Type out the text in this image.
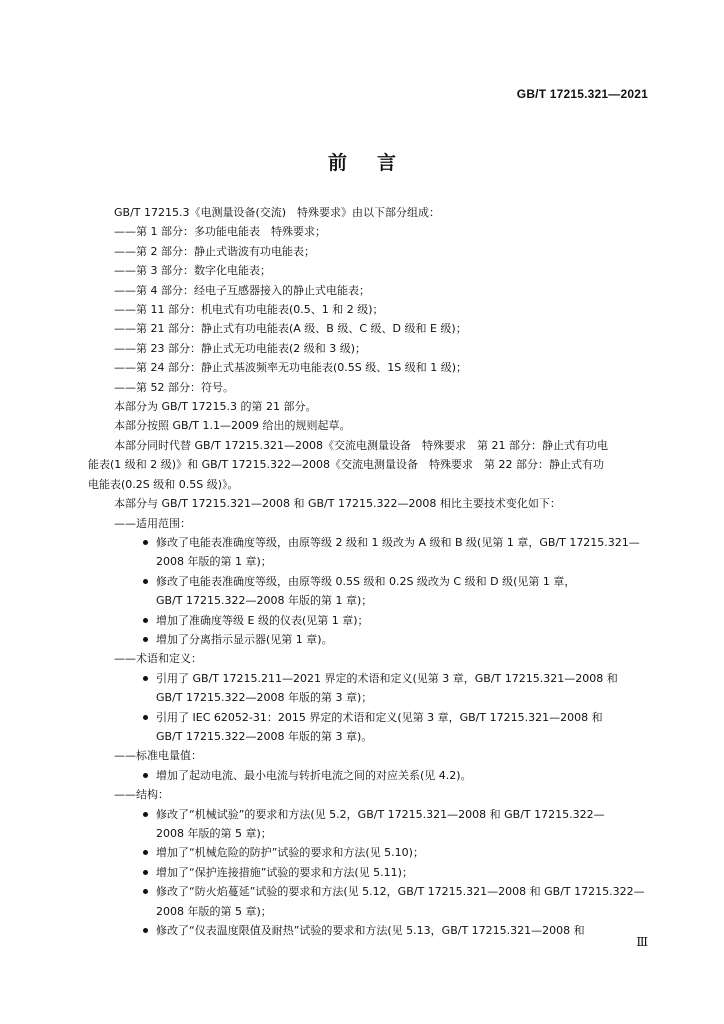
GB/T 17215.321—2021
前言
GB/T 17215.3《电测量设备(交流)　特殊要求》由以下部分组成：
——第 1 部分：多功能电能表　特殊要求；
——第 2 部分：静止式谐波有功电能表；
——第 3 部分：数字化电能表；
——第 4 部分：经电子互感器接入的静止式电能表；
——第 11 部分：机电式有功电能表(0.5、1 和 2 级)；
——第 21 部分：静止式有功电能表(A 级、B 级、C 级、D 级和 E 级)；
——第 23 部分：静止式无功电能表(2 级和 3 级)；
——第 24 部分：静止式基波频率无功电能表(0.5S 级、1S 级和 1 级)；
——第 52 部分：符号。
本部分为 GB/T 17215.3 的第 21 部分。
本部分按照 GB/T 1.1—2009 给出的规则起草。
本部分同时代替 GB/T 17215.321—2008《交流电测量设备　特殊要求　第 21 部分：静止式有功电
能表(1 级和 2 级)》和 GB/T 17215.322—2008《交流电测量设备　特殊要求　第 22 部分：静止式有功
电能表(0.2S 级和 0.5S 级)》。
本部分与 GB/T 17215.321—2008 和 GB/T 17215.322—2008 相比主要技术变化如下：
——适用范围：
修改了电能表准确度等级，由原等级 2 级和 1 级改为 A 级和 B 级(见第 1 章，GB/T 17215.321—
2008 年版的第 1 章)；
修改了电能表准确度等级，由原等级 0.5S 级和 0.2S 级改为 C 级和 D 级(见第 1 章，
GB/T 17215.322—2008 年版的第 1 章)；
增加了准确度等级 E 级的仪表(见第 1 章)；
增加了分离指示显示器(见第 1 章)。
——术语和定义：
引用了 GB/T 17215.211—2021 界定的术语和定义(见第 3 章，GB/T 17215.321—2008 和
GB/T 17215.322—2008 年版的第 3 章)；
引用了 IEC 62052-31：2015 界定的术语和定义(见第 3 章，GB/T 17215.321—2008 和
GB/T 17215.322—2008 年版的第 3 章)。
——标准电量值：
增加了起动电流、最小电流与转折电流之间的对应关系(见 4.2)。
——结构：
修改了“机械试验”的要求和方法(见 5.2，GB/T 17215.321—2008 和 GB/T 17215.322—
2008 年版的第 5 章)；
增加了“机械危险的防护”试验的要求和方法(见 5.10)；
增加了“保护连接措施”试验的要求和方法(见 5.11)；
修改了“防火焰蔓延”试验的要求和方法(见 5.12，GB/T 17215.321—2008 和 GB/T 17215.322—
2008 年版的第 5 章)；
修改了“仪表温度限值及耐热”试验的要求和方法(见 5.13，GB/T 17215.321—2008 和
Ⅲ
